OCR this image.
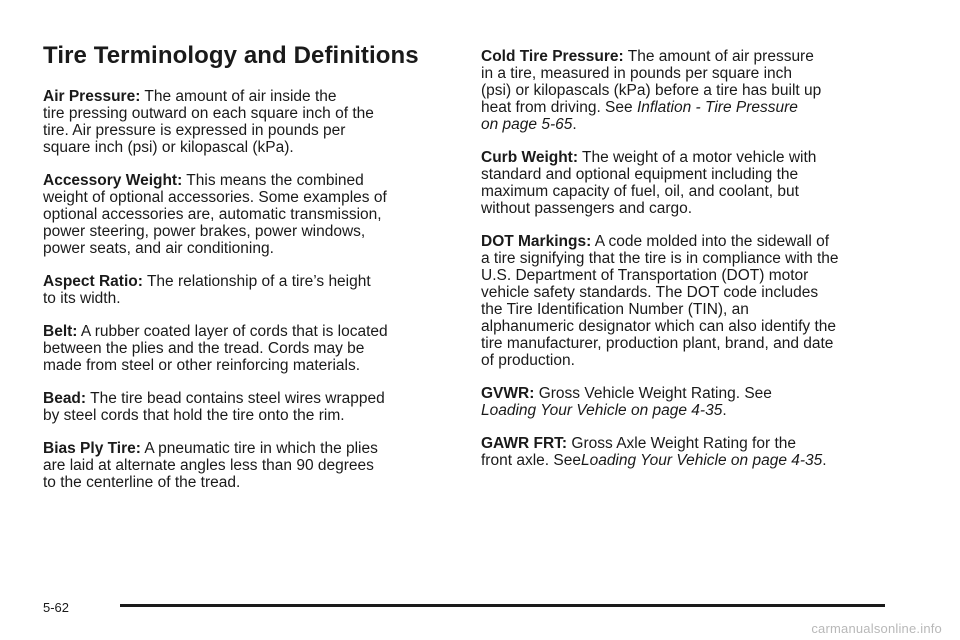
Tire Terminology and Definitions

Air Pressure: The amount of air inside the
tire pressing outward on each square inch of the
tire. Air pressure is expressed in pounds per
square inch (psi) or kilopascal (kPa).

Accessory Weight: This means the combined
weight of optional accessories. Some examples of
optional accessories are, automatic transmission,
power steering, power brakes, power windows,
power seats, and air conditioning.

Aspect Ratio: The relationship of a tire’s height
to its width.

Belt: A rubber coated layer of cords that is located
between the plies and the tread. Cords may be
made from steel or other reinforcing materials.

Bead: The tire bead contains steel wires wrapped
by steel cords that hold the tire onto the rim.

Bias Ply Tire: A pneumatic tire in which the plies
are laid at alternate angles less than 90 degrees
to the centerline of the tread.

Cold Tire Pressure: The amount of air pressure
in a tire, measured in pounds per square inch
(psi) or kilopascals (kPa) before a tire has built up
heat from driving. See Inflation - Tire Pressure
on page 5-65.

Curb Weight: The weight of a motor vehicle with
standard and optional equipment including the
maximum capacity of fuel, oil, and coolant, but
without passengers and cargo.

DOT Markings: A code molded into the sidewall of
a tire signifying that the tire is in compliance with the
U.S. Department of Transportation (DOT) motor
vehicle safety standards. The DOT code includes
the Tire Identification Number (TIN), an
alphanumeric designator which can also identify the
tire manufacturer, production plant, brand, and date
of production.

GVWR: Gross Vehicle Weight Rating. See
Loading Your Vehicle on page 4-35.

GAWR FRT: Gross Axle Weight Rating for the
front axle. SeeLoading Your Vehicle on page 4-35.

5-62
carmanualsonline.info
